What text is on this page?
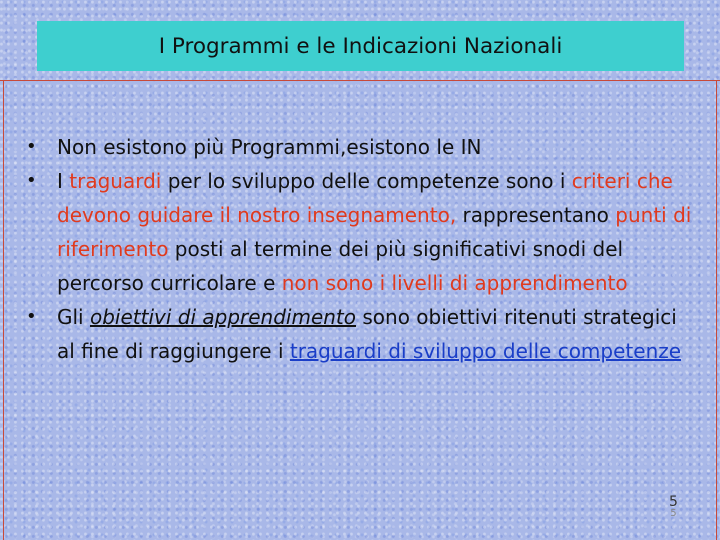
I Programmi e le Indicazioni Nazionali
• Non esistono più Programmi,esistono le IN
• I traguardi per lo sviluppo delle competenze sono i criteri che devono guidare il nostro insegnamento, rappresentano punti di riferimento posti al termine dei più significativi snodi del percorso curricolare e non sono i livelli di apprendimento
• Gli obiettivi di apprendimento sono obiettivi ritenuti strategici al fine di raggiungere i traguardi di sviluppo delle competenze
5
5
